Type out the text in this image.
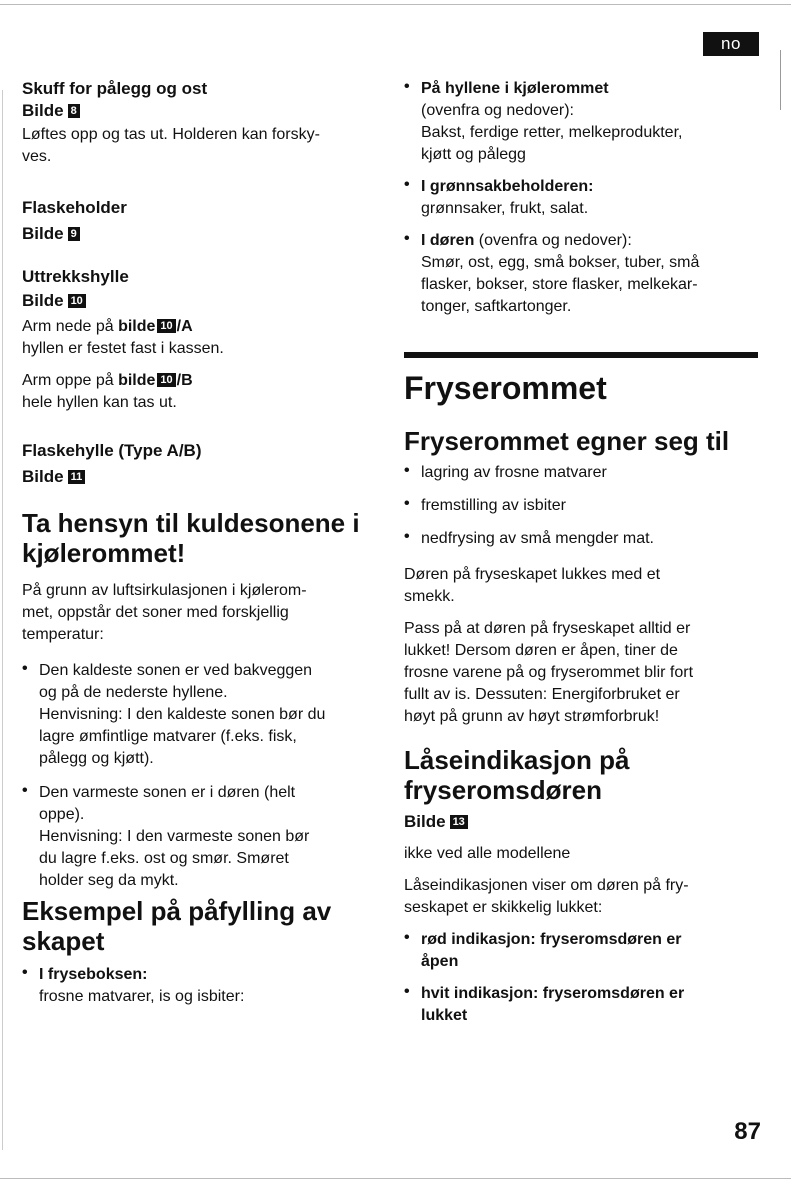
no
Skuff for pålegg og ost
Bilde 8
Løftes opp og tas ut. Holderen kan forsky-
ves.
Flaskeholder
Bilde 9
Uttrekkshylle
Bilde 10
Arm nede på bilde 10 /A
hyllen er festet fast i kassen.
Arm oppe på bilde 10 /B
hele hyllen kan tas ut.
Flaskehylle (Type A/B)
Bilde 11
Ta hensyn til kuldesonene i
kjølerommet!
På grunn av luftsirkulasjonen i kjølerom-
met, oppstår det soner med forskjellig
temperatur:
• Den kaldeste sonen er ved bakveggen
og på de nederste hyllene.
Henvisning: I den kaldeste sonen bør du
lagre ømfintlige matvarer (f.eks. fisk,
pålegg og kjøtt).
• Den varmeste sonen er i døren (helt
oppe).
Henvisning: I den varmeste sonen bør
du lagre f.eks. ost og smør. Smøret
holder seg da mykt.
Eksempel på påfylling av
skapet
• I fryseboksen:
frosne matvarer, is og isbiter:
• På hyllene i kjølerommet
(ovenfra og nedover):
Bakst, ferdige retter, melkeprodukter,
kjøtt og pålegg
• I grønnsakbeholderen:
grønnsaker, frukt, salat.
• I døren (ovenfra og nedover):
Smør, ost, egg, små bokser, tuber, små
flasker, bokser, store flasker, melkekar-
tonger, saftkartonger.
Fryserommet
Fryserommet egner seg til
• lagring av frosne matvarer
• fremstilling av isbiter
• nedfrysing av små mengder mat.
Døren på fryseskapet lukkes med et
smekk.
Pass på at døren på fryseskapet alltid er
lukket! Dersom døren er åpen, tiner de
frosne varene på og fryserommet blir fort
fullt av is. Dessuten: Energiforbruket er
høyt på grunn av høyt strømforbruk!
Låseindikasjon på
fryseromsdøren
Bilde 13
ikke ved alle modellene
Låseindikasjonen viser om døren på fry-
seskapet er skikkelig lukket:
• rød indikasjon: fryseromsdøren er
åpen
• hvit indikasjon: fryseromsdøren er
lukket
87
